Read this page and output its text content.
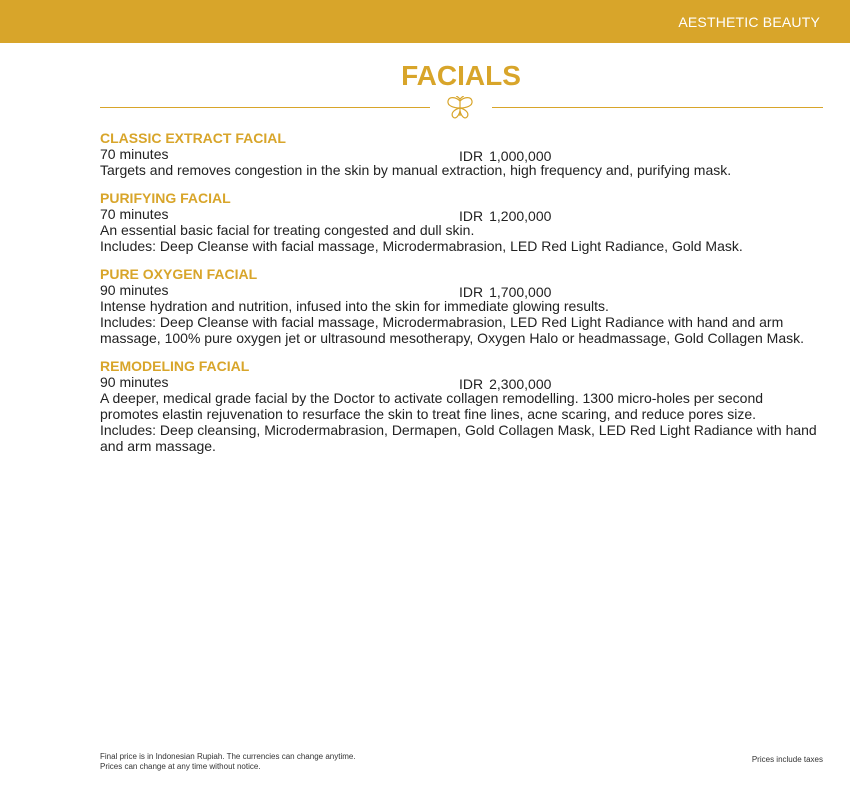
AESTHETIC BEAUTY
FACIALS

CLASSIC EXTRACT FACIAL

70 minutes	IDR 1,000,000

Targets and removes congestion in the skin by manual extraction, high frequency and, purifying mask.

PURIFYING FACIAL

70 minutes	IDR 1,200,000

An essential basic facial for treating congested and dull skin.

Includes: Deep Cleanse with facial massage, Microdermabrasion, LED Red Light Radiance, Gold Mask.

PURE OXYGEN FACIAL

90 minutes	IDR 1,700,000

Intense hydration and nutrition, infused into the skin for immediate glowing results.

Includes: Deep Cleanse with facial massage, Microdermabrasion, LED Red Light Radiance with hand and arm massage, 100% pure oxygen jet or ultrasound mesotherapy, Oxygen Halo or headmassage, Gold Collagen Mask.

REMODELING FACIAL

90 minutes	IDR 2,300,000

A deeper, medical grade facial by the Doctor to activate collagen remodelling. 1300 micro-holes per second promotes elastin rejuvenation to resurface the skin to treat fine lines, acne scaring, and reduce pores size.

Includes: Deep cleansing, Microdermabrasion, Dermapen, Gold Collagen Mask, LED Red Light Radiance with hand and arm massage.

Final price is in Indonesian Rupiah. The currencies can change anytime.
Prices can change at any time without notice.
Prices include taxes
